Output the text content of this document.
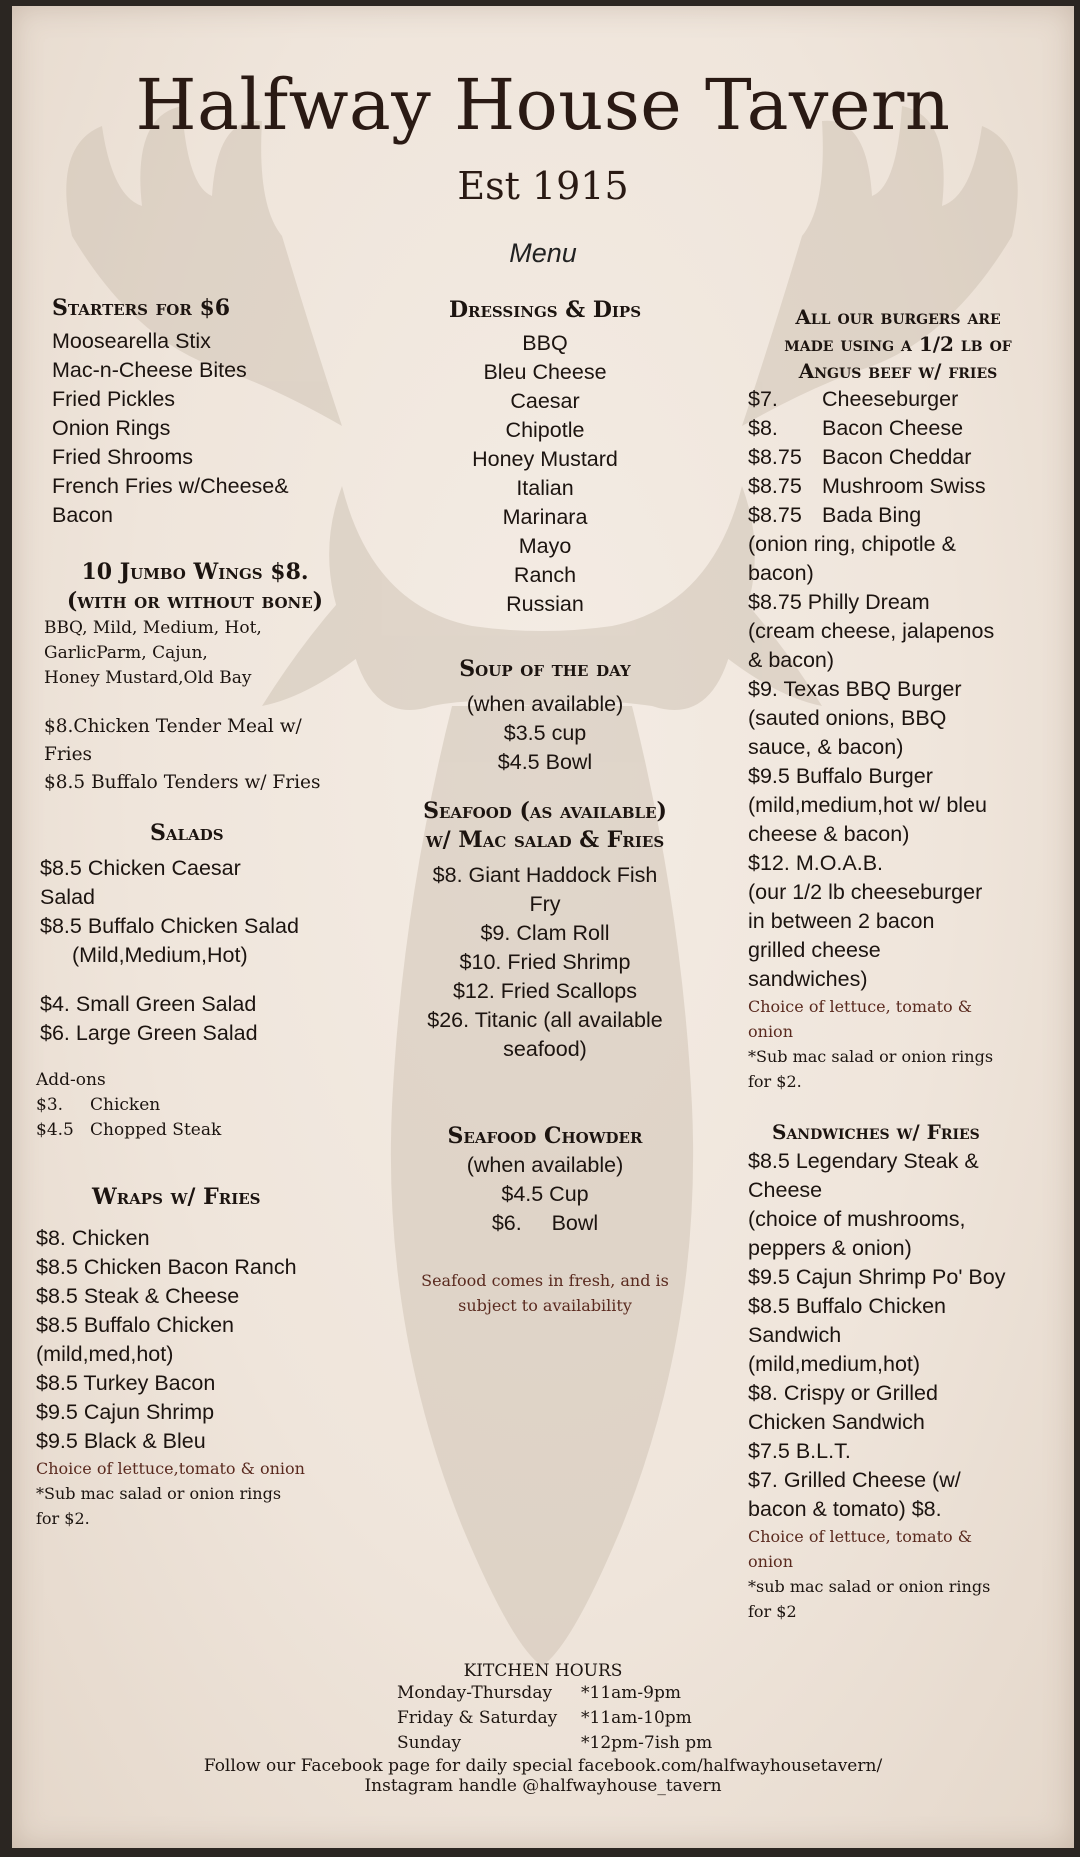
Halfway House Tavern
Est 1915
Menu
Starters for $6
Moosearella Stix
Mac-n-Cheese Bites
Fried Pickles
Onion Rings
Fried Shrooms
French Fries w/Cheese&
Bacon
10 Jumbo Wings $8.
(with or without bone)
BBQ, Mild, Medium, Hot,
GarlicParm, Cajun,
Honey Mustard,Old Bay
$8.Chicken Tender Meal w/
Fries
$8.5 Buffalo Tenders w/ Fries
Salads
$8.5 Chicken Caesar
Salad
$8.5 Buffalo Chicken Salad
(Mild,Medium,Hot)
$4. Small Green Salad
$6. Large Green Salad
Add-ons
$3.	Chicken
$4.5 Chopped Steak
Wraps w/ Fries
$8. Chicken
$8.5 Chicken Bacon Ranch
$8.5 Steak & Cheese
$8.5 Buffalo Chicken
(mild,med,hot)
$8.5 Turkey Bacon
$9.5 Cajun Shrimp
$9.5 Black & Bleu
Choice of lettuce,tomato & onion
*Sub mac salad or onion rings
for $2.
Dressings & Dips
BBQ
Bleu Cheese
Caesar
Chipotle
Honey Mustard
Italian
Marinara
Mayo
Ranch
Russian
Soup of the day
(when available)
$3.5 cup
$4.5 Bowl
Seafood (as available)
w/ Mac salad & Fries
$8. Giant Haddock Fish
Fry
$9. Clam Roll
$10. Fried Shrimp
$12. Fried Scallops
$26. Titanic (all available
seafood)
Seafood Chowder
(when available)
$4.5 Cup
$6.     Bowl
Seafood comes in fresh, and is
subject to availability
All our burgers are
made using a 1/2 lb of
Angus beef w/ fries
$7.	Cheeseburger
$8.	Bacon Cheese
$8.75 Bacon Cheddar
$8.75 Mushroom Swiss
$8.75 Bada Bing
(onion ring, chipotle &
bacon)
$8.75 Philly Dream
(cream cheese, jalapenos
& bacon)
$9. Texas BBQ Burger
(sauted onions, BBQ
sauce, & bacon)
$9.5 Buffalo Burger
(mild,medium,hot w/ bleu
cheese & bacon)
$12. M.O.A.B.
(our 1/2 lb cheeseburger
in between 2 bacon
grilled cheese
sandwiches)
Choice of lettuce, tomato &
onion
*Sub mac salad or onion rings
for $2.
Sandwiches w/ Fries
$8.5 Legendary Steak &
Cheese
(choice of mushrooms,
peppers & onion)
$9.5 Cajun Shrimp Po' Boy
$8.5 Buffalo Chicken
Sandwich
(mild,medium,hot)
$8. Crispy or Grilled
Chicken Sandwich
$7.5 B.L.T.
$7. Grilled Cheese (w/
bacon & tomato) $8.
Choice of lettuce, tomato &
onion
*sub mac salad or onion rings
for $2
KITCHEN HOURS
Monday-Thursday	*11am-9pm
Friday & Saturday	*11am-10pm
Sunday	*12pm-7ish pm
Follow our Facebook page for daily special facebook.com/halfwayhousetavern/
Instagram handle @halfwayhouse_tavern
